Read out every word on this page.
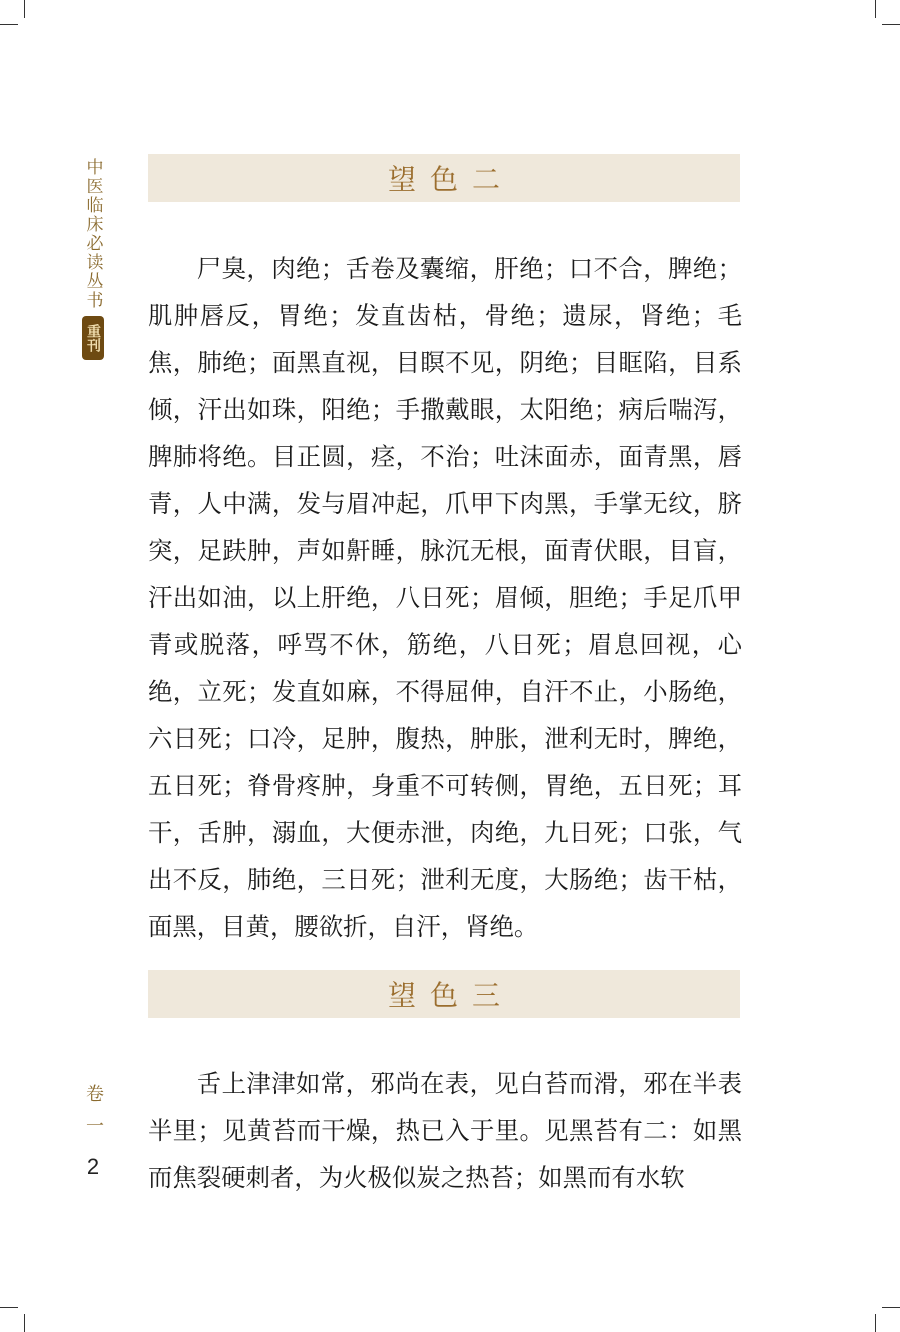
中医临床必读丛书
重刊
望色二

尸臭，肉绝；舌卷及囊缩，肝绝；口不合，脾绝；肌肿唇反，胃绝；发直齿枯，骨绝；遗尿，肾绝；毛焦，肺绝；面黑直视，目瞑不见，阴绝；目眶陷，目系倾，汗出如珠，阳绝；手撒戴眼，太阳绝；病后喘泻，脾肺将绝。目正圆，痉，不治；吐沫面赤，面青黑，唇青，人中满，发与眉冲起，爪甲下肉黑，手掌无纹，脐突，足趺肿，声如鼾睡，脉沉无根，面青伏眼，目盲，汗出如油，以上肝绝，八日死；眉倾，胆绝；手足爪甲青或脱落，呼骂不休，筋绝，八日死；眉息回视，心绝，立死；发直如麻，不得屈伸，自汗不止，小肠绝，六日死；口冷，足肿，腹热，肿胀，泄利无时，脾绝，五日死；脊骨疼肿，身重不可转侧，胃绝，五日死；耳干，舌肿，溺血，大便赤泄，肉绝，九日死；口张，气出不反，肺绝，三日死；泄利无度，大肠绝；齿干枯，面黑，目黄，腰欲折，自汗，肾绝。

望色三

舌上津津如常，邪尚在表，见白苔而滑，邪在半表半里；见黄苔而干燥，热已入于里。见黑苔有二：如黑而焦裂硬刺者，为火极似炭之热苔；如黑而有水软

卷一
2
